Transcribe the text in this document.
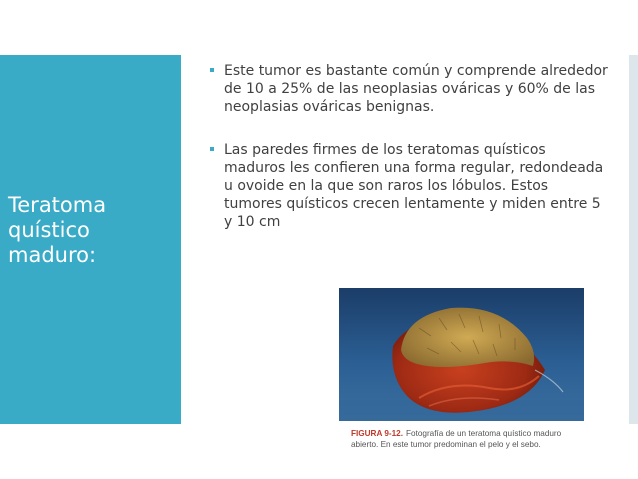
Teratoma
quístico
maduro:
Este tumor es bastante común y comprende alrededor de 10 a 25% de las neoplasias ováricas y 60% de las neoplasias ováricas benignas.
Las paredes firmes de los teratomas quísticos maduros les confieren una forma regular, redondeada u ovoide en la que son raros los lóbulos. Estos tumores quísticos crecen lentamente y miden entre 5 y 10 cm
FIGURA 9-12. Fotografía de un teratoma quístico maduro abierto. En este tumor predominan el pelo y el sebo.
